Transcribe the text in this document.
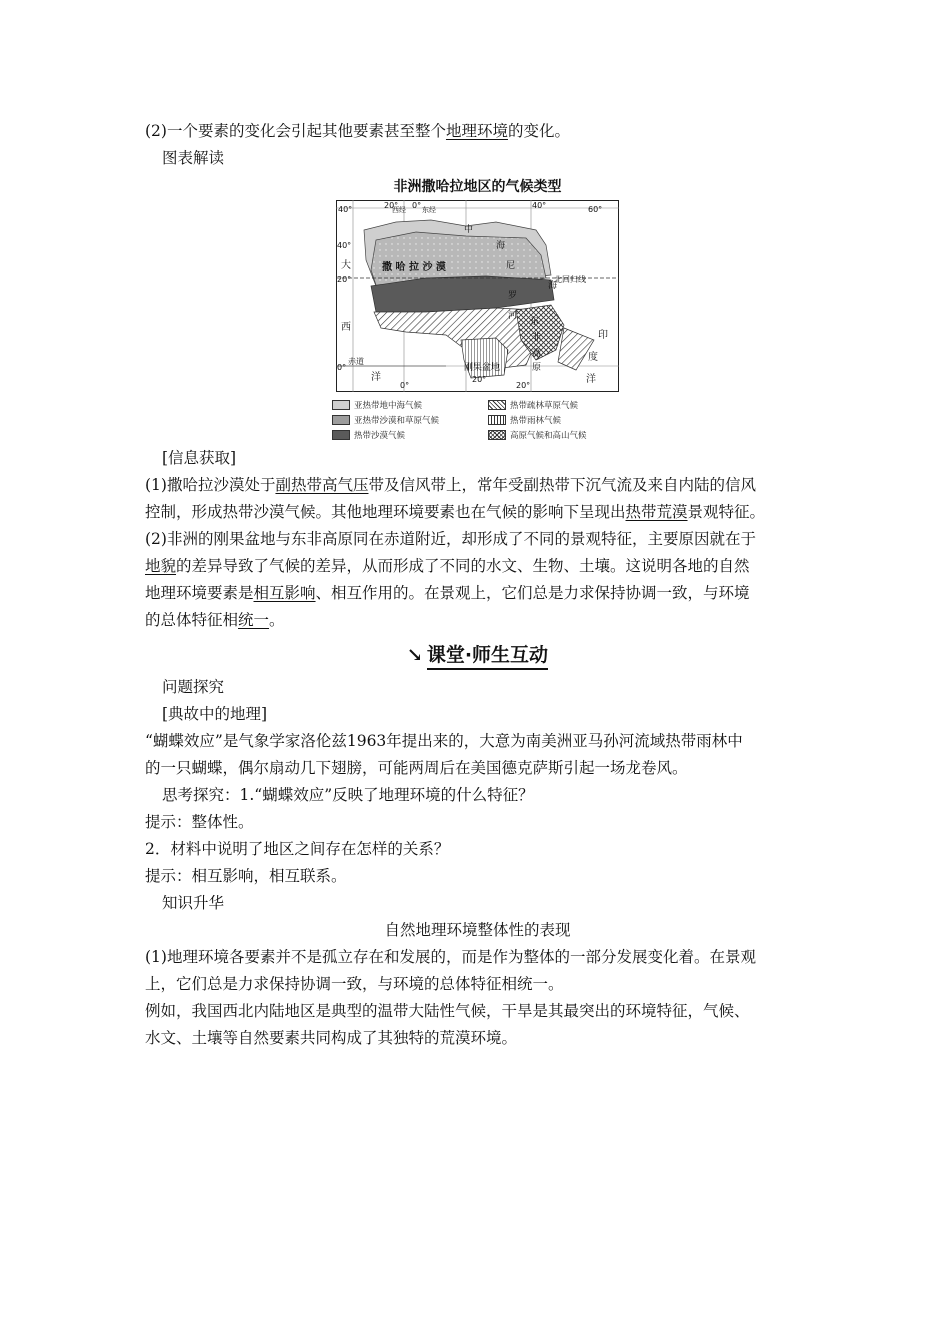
(2)一个要素的变化会引起其他要素甚至整个地理环境的变化。
图表解读
非洲撒哈拉地区的气候类型
40°	20°
西经 0° 东经	40°	60°
40°
20°
0°
20°
0°	20°
大
西
洋
撒 哈 拉 沙 漠
中
海
尼
罗
河
海
北回归线
赤道
东
非
高
原
刚果盆地
印
度
洋
亚热带地中海气候	热带疏林草原气候
亚热带沙漠和草原气候	热带雨林气候
热带沙漠气候	高原气候和高山气候
[信息获取]
(1)撒哈拉沙漠处于副热带高气压带及信风带上，常年受副热带下沉气流及来自内陆的信风
控制，形成热带沙漠气候。其他地理环境要素也在气候的影响下呈现出热带荒漠景观特征。
(2)非洲的刚果盆地与东非高原同在赤道附近，却形成了不同的景观特征，主要原因就在于
地貌的差异导致了气候的差异，从而形成了不同的水文、生物、土壤。这说明各地的自然
地理环境要素是相互影响、相互作用的。在景观上，它们总是力求保持协调一致，与环境
的总体特征相统一。
↘ 课堂·师生互动
问题探究
[典故中的地理]
“蝴蝶效应”是气象学家洛伦兹1963年提出来的，大意为南美洲亚马孙河流域热带雨林中
的一只蝴蝶，偶尔扇动几下翅膀，可能两周后在美国德克萨斯引起一场龙卷风。
思考探究：1.“蝴蝶效应”反映了地理环境的什么特征？
提示：整体性。
2．材料中说明了地区之间存在怎样的关系？
提示：相互影响，相互联系。
知识升华
自然地理环境整体性的表现
(1)地理环境各要素并不是孤立存在和发展的，而是作为整体的一部分发展变化着。在景观
上，它们总是力求保持协调一致，与环境的总体特征相统一。
例如，我国西北内陆地区是典型的温带大陆性气候，干旱是其最突出的环境特征，气候、
水文、土壤等自然要素共同构成了其独特的荒漠环境。
